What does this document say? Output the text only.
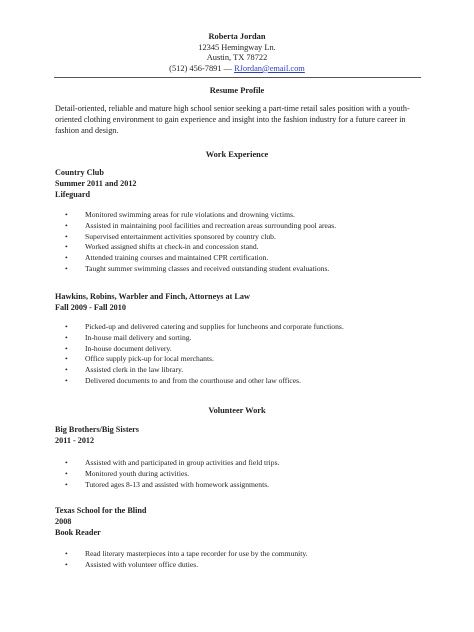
Roberta Jordan
12345 Hemingway Ln.
Austin, TX 78722
(512) 456-7891 — RJordan@email.com
Resume Profile
Detail-oriented, reliable and mature high school senior seeking a part-time retail sales position with a youth-oriented clothing environment to gain experience and insight into the fashion industry for a future career in fashion and design.
Work Experience
Country Club
Summer 2011 and 2012
Lifeguard
• Monitored swimming areas for rule violations and drowning victims.
• Assisted in maintaining pool facilities and recreation areas surrounding pool areas.
• Supervised entertainment activities sponsored by country club.
• Worked assigned shifts at check-in and concession stand.
• Attended training courses and maintained CPR certification.
• Taught summer swimming classes and received outstanding student evaluations.
Hawkins, Robins, Warbler and Finch, Attorneys at Law
Fall 2009 - Fall 2010
• Picked-up and delivered catering and supplies for luncheons and corporate functions.
• In-house mail delivery and sorting.
• In-house document delivery.
• Office supply pick-up for local merchants.
• Assisted clerk in the law library.
• Delivered documents to and from the courthouse and other law offices.
Volunteer Work
Big Brothers/Big Sisters
2011 - 2012
• Assisted with and participated in group activities and field trips.
• Monitored youth during activities.
• Tutored ages 8-13 and assisted with homework assignments.
Texas School for the Blind
2008
Book Reader
• Read literary masterpieces into a tape recorder for use by the community.
• Assisted with volunteer office duties.
